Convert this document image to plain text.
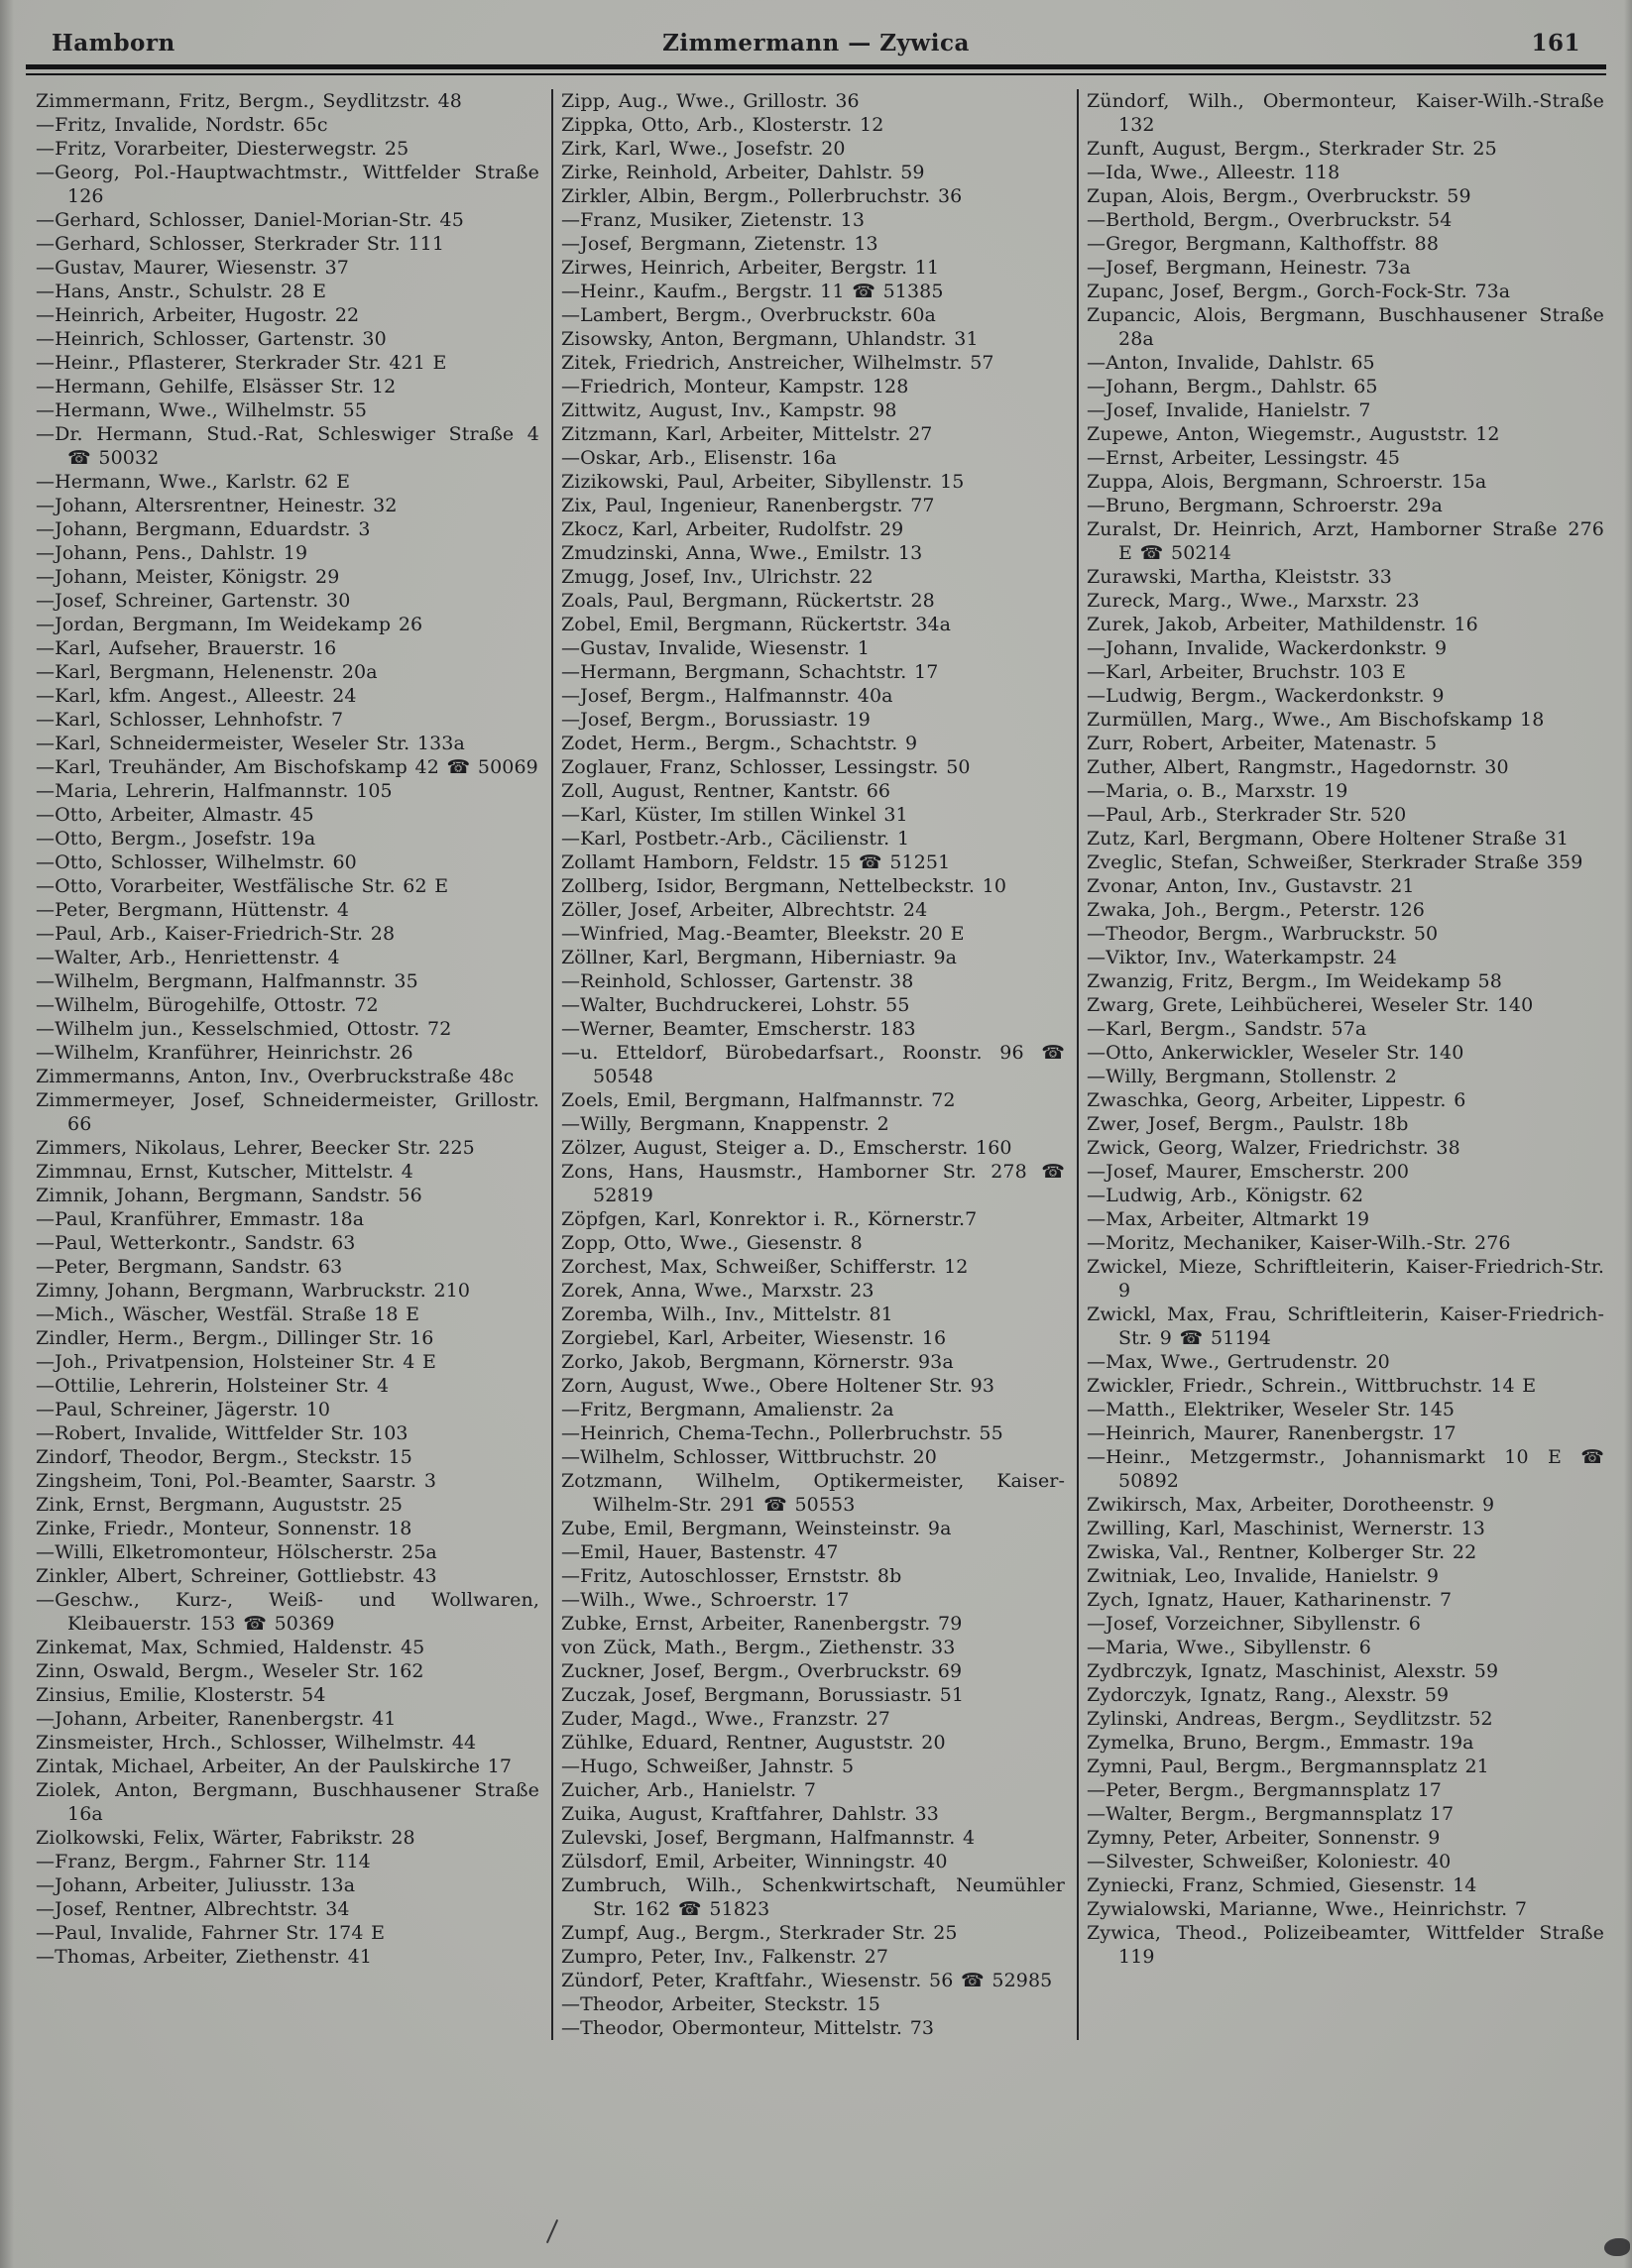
Hamborn	Zimmermann — Zywica	161
Zimmermann, Fritz, Bergm., Seydlitzstr. 48
—Fritz, Invalide, Nordstr. 65c
—Fritz, Vorarbeiter, Diesterwegstr. 25
—Georg, Pol.-Hauptwachtmstr., Wittfelder Straße 126
—Gerhard, Schlosser, Daniel-Morian-Str. 45
—Gerhard, Schlosser, Sterkrader Str. 111
—Gustav, Maurer, Wiesenstr. 37
—Hans, Anstr., Schulstr. 28 E
—Heinrich, Arbeiter, Hugostr. 22
—Heinrich, Schlosser, Gartenstr. 30
—Heinr., Pflasterer, Sterkrader Str. 421 E
—Hermann, Gehilfe, Elsässer Str. 12
—Hermann, Wwe., Wilhelmstr. 55
—Dr. Hermann, Stud.-Rat, Schleswiger Straße 4 ☎ 50032
—Hermann, Wwe., Karlstr. 62 E
—Johann, Altersrentner, Heinestr. 32
—Johann, Bergmann, Eduardstr. 3
—Johann, Pens., Dahlstr. 19
—Johann, Meister, Königstr. 29
—Josef, Schreiner, Gartenstr. 30
—Jordan, Bergmann, Im Weidekamp 26
—Karl, Aufseher, Brauerstr. 16
—Karl, Bergmann, Helenenstr. 20a
—Karl, kfm. Angest., Alleestr. 24
—Karl, Schlosser, Lehnhofstr. 7
—Karl, Schneidermeister, Weseler Str. 133a
—Karl, Treuhänder, Am Bischofskamp 42 ☎ 50069
—Maria, Lehrerin, Halfmannstr. 105
—Otto, Arbeiter, Almastr. 45
—Otto, Bergm., Josefstr. 19a
—Otto, Schlosser, Wilhelmstr. 60
—Otto, Vorarbeiter, Westfälische Str. 62 E
—Peter, Bergmann, Hüttenstr. 4
—Paul, Arb., Kaiser-Friedrich-Str. 28
—Walter, Arb., Henriettenstr. 4
—Wilhelm, Bergmann, Halfmannstr. 35
—Wilhelm, Bürogehilfe, Ottostr. 72
—Wilhelm jun., Kesselschmied, Ottostr. 72
—Wilhelm, Kranführer, Heinrichstr. 26
Zimmermanns, Anton, Inv., Overbruckstraße 48c
Zimmermeyer, Josef, Schneidermeister, Grillostr. 66
Zimmers, Nikolaus, Lehrer, Beecker Str. 225
Zimmnau, Ernst, Kutscher, Mittelstr. 4
Zimnik, Johann, Bergmann, Sandstr. 56
—Paul, Kranführer, Emmastr. 18a
—Paul, Wetterkontr., Sandstr. 63
—Peter, Bergmann, Sandstr. 63
Zimny, Johann, Bergmann, Warbruckstr. 210
—Mich., Wäscher, Westfäl. Straße 18 E
Zindler, Herm., Bergm., Dillinger Str. 16
—Joh., Privatpension, Holsteiner Str. 4 E
—Ottilie, Lehrerin, Holsteiner Str. 4
—Paul, Schreiner, Jägerstr. 10
—Robert, Invalide, Wittfelder Str. 103
Zindorf, Theodor, Bergm., Steckstr. 15
Zingsheim, Toni, Pol.-Beamter, Saarstr. 3
Zink, Ernst, Bergmann, Auguststr. 25
Zinke, Friedr., Monteur, Sonnenstr. 18
—Willi, Elketromonteur, Hölscherstr. 25a
Zinkler, Albert, Schreiner, Gottliebstr. 43
—Geschw., Kurz-, Weiß- und Wollwaren, Kleibauerstr. 153 ☎ 50369
Zinkemat, Max, Schmied, Haldenstr. 45
Zinn, Oswald, Bergm., Weseler Str. 162
Zinsius, Emilie, Klosterstr. 54
—Johann, Arbeiter, Ranenbergstr. 41
Zinsmeister, Hrch., Schlosser, Wilhelmstr. 44
Zintak, Michael, Arbeiter, An der Paulskirche 17
Ziolek, Anton, Bergmann, Buschhausener Straße 16a
Ziolkowski, Felix, Wärter, Fabrikstr. 28
—Franz, Bergm., Fahrner Str. 114
—Johann, Arbeiter, Juliusstr. 13a
—Josef, Rentner, Albrechtstr. 34
—Paul, Invalide, Fahrner Str. 174 E
—Thomas, Arbeiter, Ziethenstr. 41
Zipp, Aug., Wwe., Grillostr. 36
Zippka, Otto, Arb., Klosterstr. 12
Zirk, Karl, Wwe., Josefstr. 20
Zirke, Reinhold, Arbeiter, Dahlstr. 59
Zirkler, Albin, Bergm., Pollerbruchstr. 36
—Franz, Musiker, Zietenstr. 13
—Josef, Bergmann, Zietenstr. 13
Zirwes, Heinrich, Arbeiter, Bergstr. 11
—Heinr., Kaufm., Bergstr. 11 ☎ 51385
—Lambert, Bergm., Overbruckstr. 60a
Zisowsky, Anton, Bergmann, Uhlandstr. 31
Zitek, Friedrich, Anstreicher, Wilhelmstr. 57
—Friedrich, Monteur, Kampstr. 128
Zittwitz, August, Inv., Kampstr. 98
Zitzmann, Karl, Arbeiter, Mittelstr. 27
—Oskar, Arb., Elisenstr. 16a
Zizikowski, Paul, Arbeiter, Sibyllenstr. 15
Zix, Paul, Ingenieur, Ranenbergstr. 77
Zkocz, Karl, Arbeiter, Rudolfstr. 29
Zmudzinski, Anna, Wwe., Emilstr. 13
Zmugg, Josef, Inv., Ulrichstr. 22
Zoals, Paul, Bergmann, Rückertstr. 28
Zobel, Emil, Bergmann, Rückertstr. 34a
—Gustav, Invalide, Wiesenstr. 1
—Hermann, Bergmann, Schachtstr. 17
—Josef, Bergm., Halfmannstr. 40a
—Josef, Bergm., Borussiastr. 19
Zodet, Herm., Bergm., Schachtstr. 9
Zoglauer, Franz, Schlosser, Lessingstr. 50
Zoll, August, Rentner, Kantstr. 66
—Karl, Küster, Im stillen Winkel 31
—Karl, Postbetr.-Arb., Cäcilienstr. 1
Zollamt Hamborn, Feldstr. 15 ☎ 51251
Zollberg, Isidor, Bergmann, Nettelbeckstr. 10
Zöller, Josef, Arbeiter, Albrechtstr. 24
—Winfried, Mag.-Beamter, Bleekstr. 20 E
Zöllner, Karl, Bergmann, Hiberniastr. 9a
—Reinhold, Schlosser, Gartenstr. 38
—Walter, Buchdruckerei, Lohstr. 55
—Werner, Beamter, Emscherstr. 183
—u. Etteldorf, Bürobedarfsart., Roonstr. 96 ☎ 50548
Zoels, Emil, Bergmann, Halfmannstr. 72
—Willy, Bergmann, Knappenstr. 2
Zölzer, August, Steiger a. D., Emscherstr. 160
Zons, Hans, Hausmstr., Hamborner Str. 278 ☎ 52819
Zöpfgen, Karl, Konrektor i. R., Körnerstr.7
Zopp, Otto, Wwe., Giesenstr. 8
Zorchest, Max, Schweißer, Schifferstr. 12
Zorek, Anna, Wwe., Marxstr. 23
Zoremba, Wilh., Inv., Mittelstr. 81
Zorgiebel, Karl, Arbeiter, Wiesenstr. 16
Zorko, Jakob, Bergmann, Körnerstr. 93a
Zorn, August, Wwe., Obere Holtener Str. 93
—Fritz, Bergmann, Amalienstr. 2a
—Heinrich, Chema-Techn., Pollerbruchstr. 55
—Wilhelm, Schlosser, Wittbruchstr. 20
Zotzmann, Wilhelm, Optikermeister, Kaiser-Wilhelm-Str. 291 ☎ 50553
Zube, Emil, Bergmann, Weinsteinstr. 9a
—Emil, Hauer, Bastenstr. 47
—Fritz, Autoschlosser, Ernststr. 8b
—Wilh., Wwe., Schroerstr. 17
Zubke, Ernst, Arbeiter, Ranenbergstr. 79
von Zück, Math., Bergm., Ziethenstr. 33
Zuckner, Josef, Bergm., Overbruckstr. 69
Zuczak, Josef, Bergmann, Borussiastr. 51
Zuder, Magd., Wwe., Franzstr. 27
Zühlke, Eduard, Rentner, Auguststr. 20
—Hugo, Schweißer, Jahnstr. 5
Zuicher, Arb., Hanielstr. 7
Zuika, August, Kraftfahrer, Dahlstr. 33
Zulevski, Josef, Bergmann, Halfmannstr. 4
Zülsdorf, Emil, Arbeiter, Winningstr. 40
Zumbruch, Wilh., Schenkwirtschaft, Neumühler Str. 162 ☎ 51823
Zumpf, Aug., Bergm., Sterkrader Str. 25
Zumpro, Peter, Inv., Falkenstr. 27
Zündorf, Peter, Kraftfahr., Wiesenstr. 56 ☎ 52985
—Theodor, Arbeiter, Steckstr. 15
—Theodor, Obermonteur, Mittelstr. 73
Zündorf, Wilh., Obermonteur, Kaiser-Wilh.-Straße 132
Zunft, August, Bergm., Sterkrader Str. 25
—Ida, Wwe., Alleestr. 118
Zupan, Alois, Bergm., Overbruckstr. 59
—Berthold, Bergm., Overbruckstr. 54
—Gregor, Bergmann, Kalthoffstr. 88
—Josef, Bergmann, Heinestr. 73a
Zupanc, Josef, Bergm., Gorch-Fock-Str. 73a
Zupancic, Alois, Bergmann, Buschhausener Straße 28a
—Anton, Invalide, Dahlstr. 65
—Johann, Bergm., Dahlstr. 65
—Josef, Invalide, Hanielstr. 7
Zupewe, Anton, Wiegemstr., Auguststr. 12
—Ernst, Arbeiter, Lessingstr. 45
Zuppa, Alois, Bergmann, Schroerstr. 15a
—Bruno, Bergmann, Schroerstr. 29a
Zuralst, Dr. Heinrich, Arzt, Hamborner Straße 276 E ☎ 50214
Zurawski, Martha, Kleiststr. 33
Zureck, Marg., Wwe., Marxstr. 23
Zurek, Jakob, Arbeiter, Mathildenstr. 16
—Johann, Invalide, Wackerdonkstr. 9
—Karl, Arbeiter, Bruchstr. 103 E
—Ludwig, Bergm., Wackerdonkstr. 9
Zurmüllen, Marg., Wwe., Am Bischofskamp 18
Zurr, Robert, Arbeiter, Matenastr. 5
Zuther, Albert, Rangmstr., Hagedornstr. 30
—Maria, o. B., Marxstr. 19
—Paul, Arb., Sterkrader Str. 520
Zutz, Karl, Bergmann, Obere Holtener Straße 31
Zveglic, Stefan, Schweißer, Sterkrader Straße 359
Zvonar, Anton, Inv., Gustavstr. 21
Zwaka, Joh., Bergm., Peterstr. 126
—Theodor, Bergm., Warbruckstr. 50
—Viktor, Inv., Waterkampstr. 24
Zwanzig, Fritz, Bergm., Im Weidekamp 58
Zwarg, Grete, Leihbücherei, Weseler Str. 140
—Karl, Bergm., Sandstr. 57a
—Otto, Ankerwickler, Weseler Str. 140
—Willy, Bergmann, Stollenstr. 2
Zwaschka, Georg, Arbeiter, Lippestr. 6
Zwer, Josef, Bergm., Paulstr. 18b
Zwick, Georg, Walzer, Friedrichstr. 38
—Josef, Maurer, Emscherstr. 200
—Ludwig, Arb., Königstr. 62
—Max, Arbeiter, Altmarkt 19
—Moritz, Mechaniker, Kaiser-Wilh.-Str. 276
Zwickel, Mieze, Schriftleiterin, Kaiser-Friedrich-Str. 9
Zwickl, Max, Frau, Schriftleiterin, Kaiser-Friedrich-Str. 9 ☎ 51194
—Max, Wwe., Gertrudenstr. 20
Zwickler, Friedr., Schrein., Wittbruchstr. 14 E
—Matth., Elektriker, Weseler Str. 145
—Heinrich, Maurer, Ranenbergstr. 17
—Heinr., Metzgermstr., Johannismarkt 10 E ☎ 50892
Zwikirsch, Max, Arbeiter, Dorotheenstr. 9
Zwilling, Karl, Maschinist, Wernerstr. 13
Zwiska, Val., Rentner, Kolberger Str. 22
Zwitniak, Leo, Invalide, Hanielstr. 9
Zych, Ignatz, Hauer, Katharinenstr. 7
—Josef, Vorzeichner, Sibyllenstr. 6
—Maria, Wwe., Sibyllenstr. 6
Zydbrczyk, Ignatz, Maschinist, Alexstr. 59
Zydorczyk, Ignatz, Rang., Alexstr. 59
Zylinski, Andreas, Bergm., Seydlitzstr. 52
Zymelka, Bruno, Bergm., Emmastr. 19a
Zymni, Paul, Bergm., Bergmannsplatz 21
—Peter, Bergm., Bergmannsplatz 17
—Walter, Bergm., Bergmannsplatz 17
Zymny, Peter, Arbeiter, Sonnenstr. 9
—Silvester, Schweißer, Koloniestr. 40
Zyniecki, Franz, Schmied, Giesenstr. 14
Zywialowski, Marianne, Wwe., Heinrichstr. 7
Zywica, Theod., Polizeibeamter, Wittfelder Straße 119
